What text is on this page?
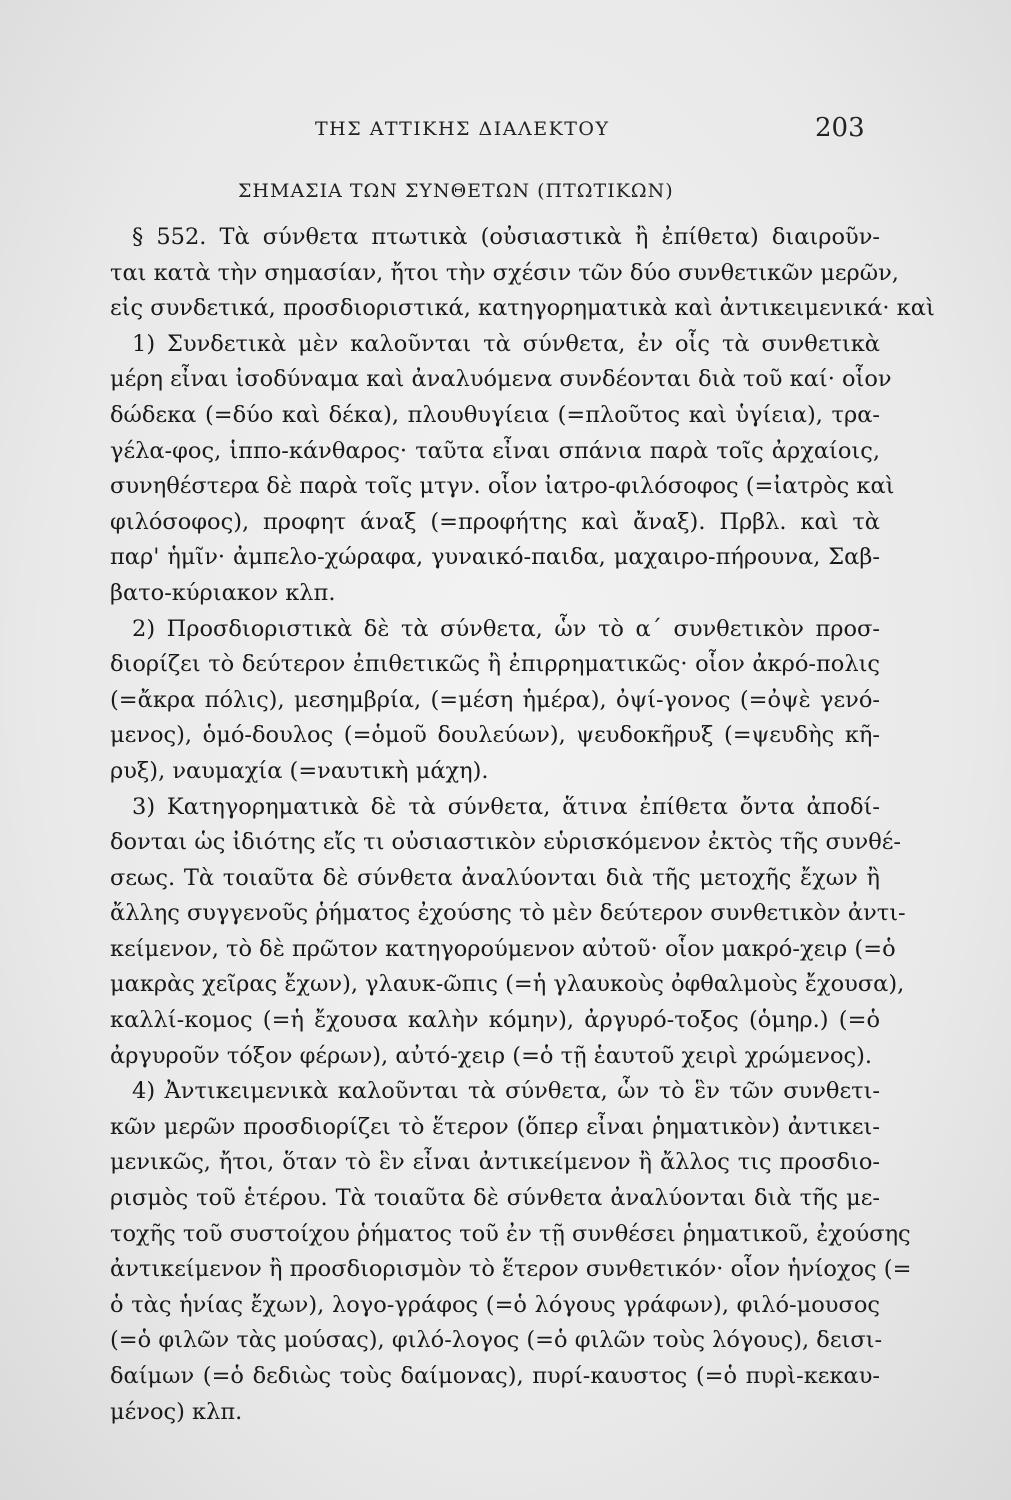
ΤΗΣ ΑΤΤΙΚΗΣ ΔΙΑΛΕΚΤΟΥ	203
ΣΗΜΑΣΙΑ ΤΩΝ ΣΥΝΘΕΤΩΝ (ΠΤΩΤΙΚΩΝ)
§ 552. Τὰ σύνθετα πτωτικὰ (οὐσιαστικὰ ἢ ἐπίθετα) διαιροῦν-
ται κατὰ τὴν σημασίαν, ἤτοι τὴν σχέσιν τῶν δύο συνθετικῶν μερῶν,
εἰς συνδετικά, προσδιοριστικά, κατηγορηματικὰ καὶ ἀντικειμενικά· καὶ
1) Συνδετικὰ μὲν καλοῦνται τὰ σύνθετα, ἐν οἷς τὰ συνθετικὰ
μέρη εἶναι ἰσοδύναμα καὶ ἀναλυόμενα συνδέονται διὰ τοῦ καί· οἷον
δώδεκα (=δύο καὶ δέκα), πλουθυγίεια (=πλοῦτος καὶ ὑγίεια), τρα-
γέλα-φος, ἱππο-κάνθαρος· ταῦτα εἶναι σπάνια παρὰ τοῖς ἀρχαίοις,
συνηθέστερα δὲ παρὰ τοῖς μτγν. οἷον ἰατρο-φιλόσοφος (=ἰατρὸς καὶ
φιλόσοφος), προφητ άναξ (=προφήτης καὶ ἄναξ). Πρβλ. καὶ τὰ
παρ' ἡμῖν· ἀμπελο-χώραφα, γυναικό-παιδα, μαχαιρο-πήρουνα, Σαβ-
βατο-κύριακον κλπ.
2) Προσδιοριστικὰ δὲ τὰ σύνθετα, ὧν τὸ α´ συνθετικὸν προσ-
διορίζει τὸ δεύτερον ἐπιθετικῶς ἢ ἐπιρρηματικῶς· οἷον ἀκρό-πολις
(=ἄκρα πόλις), μεσημβρία, (=μέση ἡμέρα), ὀψί-γονος (=ὀψὲ γενό-
μενος), ὁμό-δουλος (=ὁμοῦ δουλεύων), ψευδοκῆρυξ (=ψευδὴς κῆ-
ρυξ), ναυμαχία (=ναυτικὴ μάχη).
3) Κατηγορηματικὰ δὲ τὰ σύνθετα, ἅτινα ἐπίθετα ὄντα ἀποδί-
δονται ὡς ἰδιότης εἴς τι οὐσιαστικὸν εὑρισκόμενον ἐκτὸς τῆς συνθέ-
σεως. Τὰ τοιαῦτα δὲ σύνθετα ἀναλύονται διὰ τῆς μετοχῆς ἔχων ἢ
ἄλλης συγγενοῦς ῥήματος ἐχούσης τὸ μὲν δεύτερον συνθετικὸν ἀντι-
κείμενον, τὸ δὲ πρῶτον κατηγορούμενον αὐτοῦ· οἷον μακρό-χειρ (=ὁ
μακρὰς χεῖρας ἔχων), γλαυκ-ῶπις (=ἡ γλαυκοὺς ὀφθαλμοὺς ἔχουσα),
καλλί-κομος (=ἡ ἔχουσα καλὴν κόμην), ἀργυρό-τοξος (ὁμηρ.) (=ὁ
ἀργυροῦν τόξον φέρων), αὐτό-χειρ (=ὁ τῇ ἑαυτοῦ χειρὶ χρώμενος).
4) Ἀντικειμενικὰ καλοῦνται τὰ σύνθετα, ὧν τὸ ἓν τῶν συνθετι-
κῶν μερῶν προσδιορίζει τὸ ἕτερον (ὅπερ εἶναι ῥηματικὸν) ἀντικει-
μενικῶς, ἤτοι, ὅταν τὸ ἓν εἶναι ἀντικείμενον ἢ ἄλλος τις προσδιο-
ρισμὸς τοῦ ἑτέρου. Τὰ τοιαῦτα δὲ σύνθετα ἀναλύονται διὰ τῆς με-
τοχῆς τοῦ συστοίχου ῥήματος τοῦ ἐν τῇ συνθέσει ῥηματικοῦ, ἐχούσης
ἀντικείμενον ἢ προσδιορισμὸν τὸ ἕτερον συνθετικόν· οἷον ἡνίοχος (=
ὁ τὰς ἡνίας ἔχων), λογο-γράφος (=ὁ λόγους γράφων), φιλό-μουσος
(=ὁ φιλῶν τὰς μούσας), φιλό-λογος (=ὁ φιλῶν τοὺς λόγους), δεισι-
δαίμων (=ὁ δεδιὼς τοὺς δαίμονας), πυρί-καυστος (=ὁ πυρὶ-κεκαυ-
μένος) κλπ.
